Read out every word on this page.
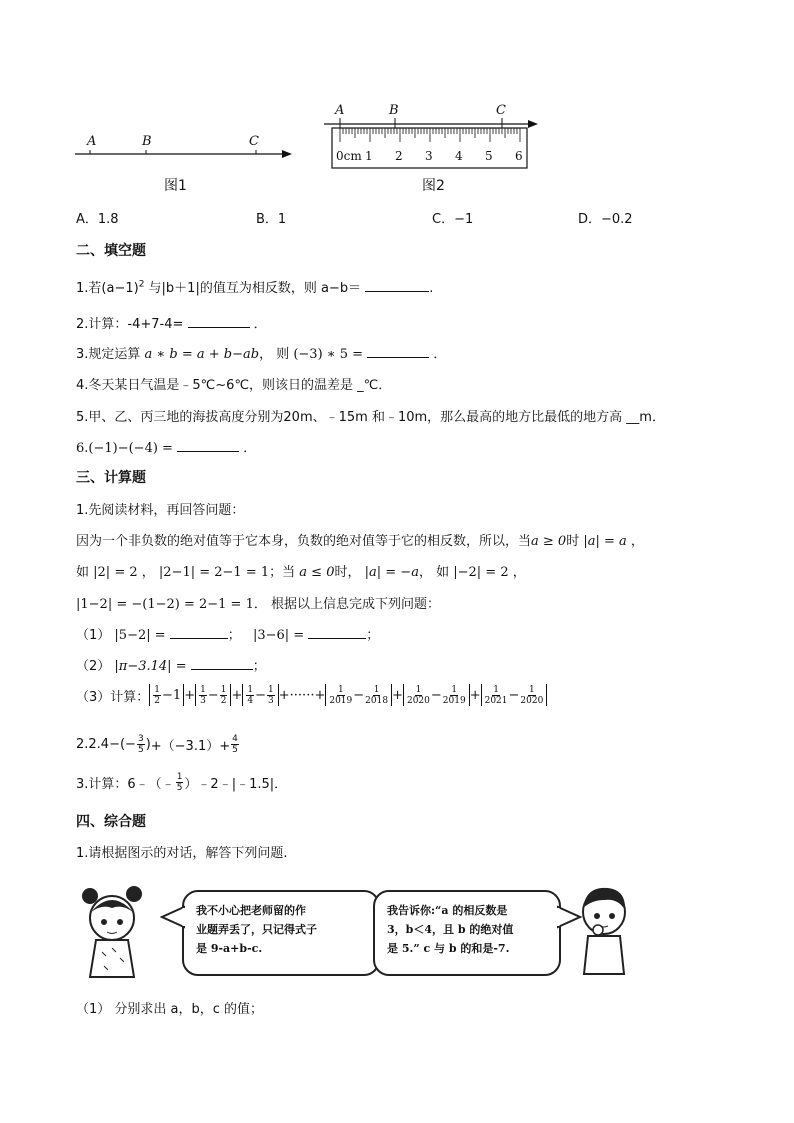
A	B	C
图1
A	B	C
0cm 1 2 3 4 5 6
图2
A．1.8	B．1	C．−1	D．−0.2
二、填空题
1.若$(a-1)^2$ 与|b＋1|的值互为相反数，则 a−b＝	.
2.计算：-4+7-4=	．
3.规定运算 a ∗ b = a + b−ab， 则 (−3) ∗ 5 =	．
4.冬天某日气温是﹣5℃~6℃，则该日的温差是 _℃．
5.甲、乙、丙三地的海拔高度分别为20m、﹣15m 和﹣10m，那么最高的地方比最低的地方高 __m．
6.(−1)−(−4) =	．
三、计算题
1.先阅读材料，再回答问题：
因为一个非负数的绝对值等于它本身，负数的绝对值等于它的相反数，所以，当a ≥ 0时 |a| = a ，
如 |2| = 2 ， |2−1| = 2−1 = 1；当 a ≤ 0时， |a| = −a， 如 |−2| = 2 ，
|1−2| = −(1−2) = 2−1 = 1． 根据以上信息完成下列问题：
（1） |5−2| =	； |3−6| =	；
（2） |π−3.14| =	；
（3）计算： $\frac{1}{2} - 1 + \frac{1}{3} - \frac{1}{2} + \frac{1}{4} - \frac{1}{3}$ +······+ $\frac{1}{2019} - \frac{1}{2018} + \frac{1}{2020} - \frac{1}{2019} + \frac{1}{2021} - \frac{1}{2020}$
2.2.4− (− $\frac{3}{5}$ ) $+(-3.1)+ \frac{4}{5}$
3.计算：6﹣（﹣ $\frac{1}{5}$ ）﹣2﹣|﹣1.5|．
四、综合题
1.请根据图示的对话，解答下列问题.
我不小心把老师留的作
业题弄丢了，只记得式子
是 9-a+b-c.
我告诉你:“a 的相反数是
3，b＜4，且 b 的绝对值
是 5.” c 与 b 的和是-7.
（1） 分别求出 a，b，c 的值；
